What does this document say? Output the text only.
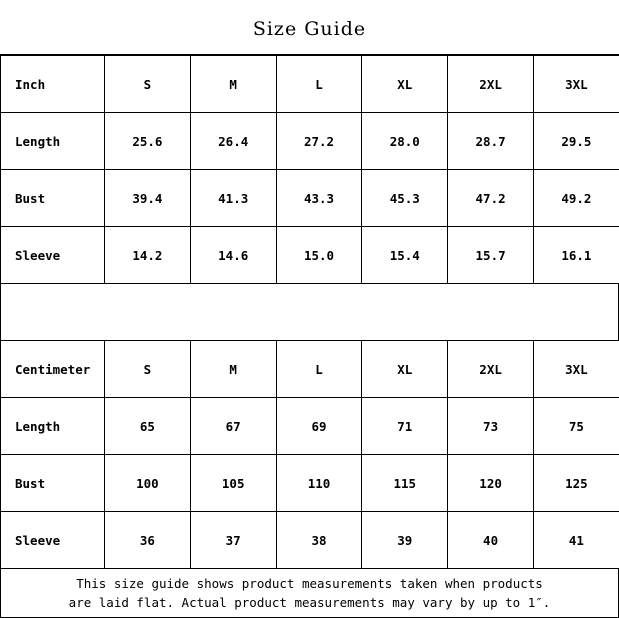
Size Guide
Inch	S	M	L	XL	2XL	3XL
Length	25.6	26.4	27.2	28.0	28.7	29.5
Bust	39.4	41.3	43.3	45.3	47.2	49.2
Sleeve	14.2	14.6	15.0	15.4	15.7	16.1
Centimeter	S	M	L	XL	2XL	3XL
Length	65	67	69	71	73	75
Bust	100	105	110	115	120	125
Sleeve	36	37	38	39	40	41
This size guide shows product measurements taken when products
are laid flat. Actual product measurements may vary by up to 1″.
